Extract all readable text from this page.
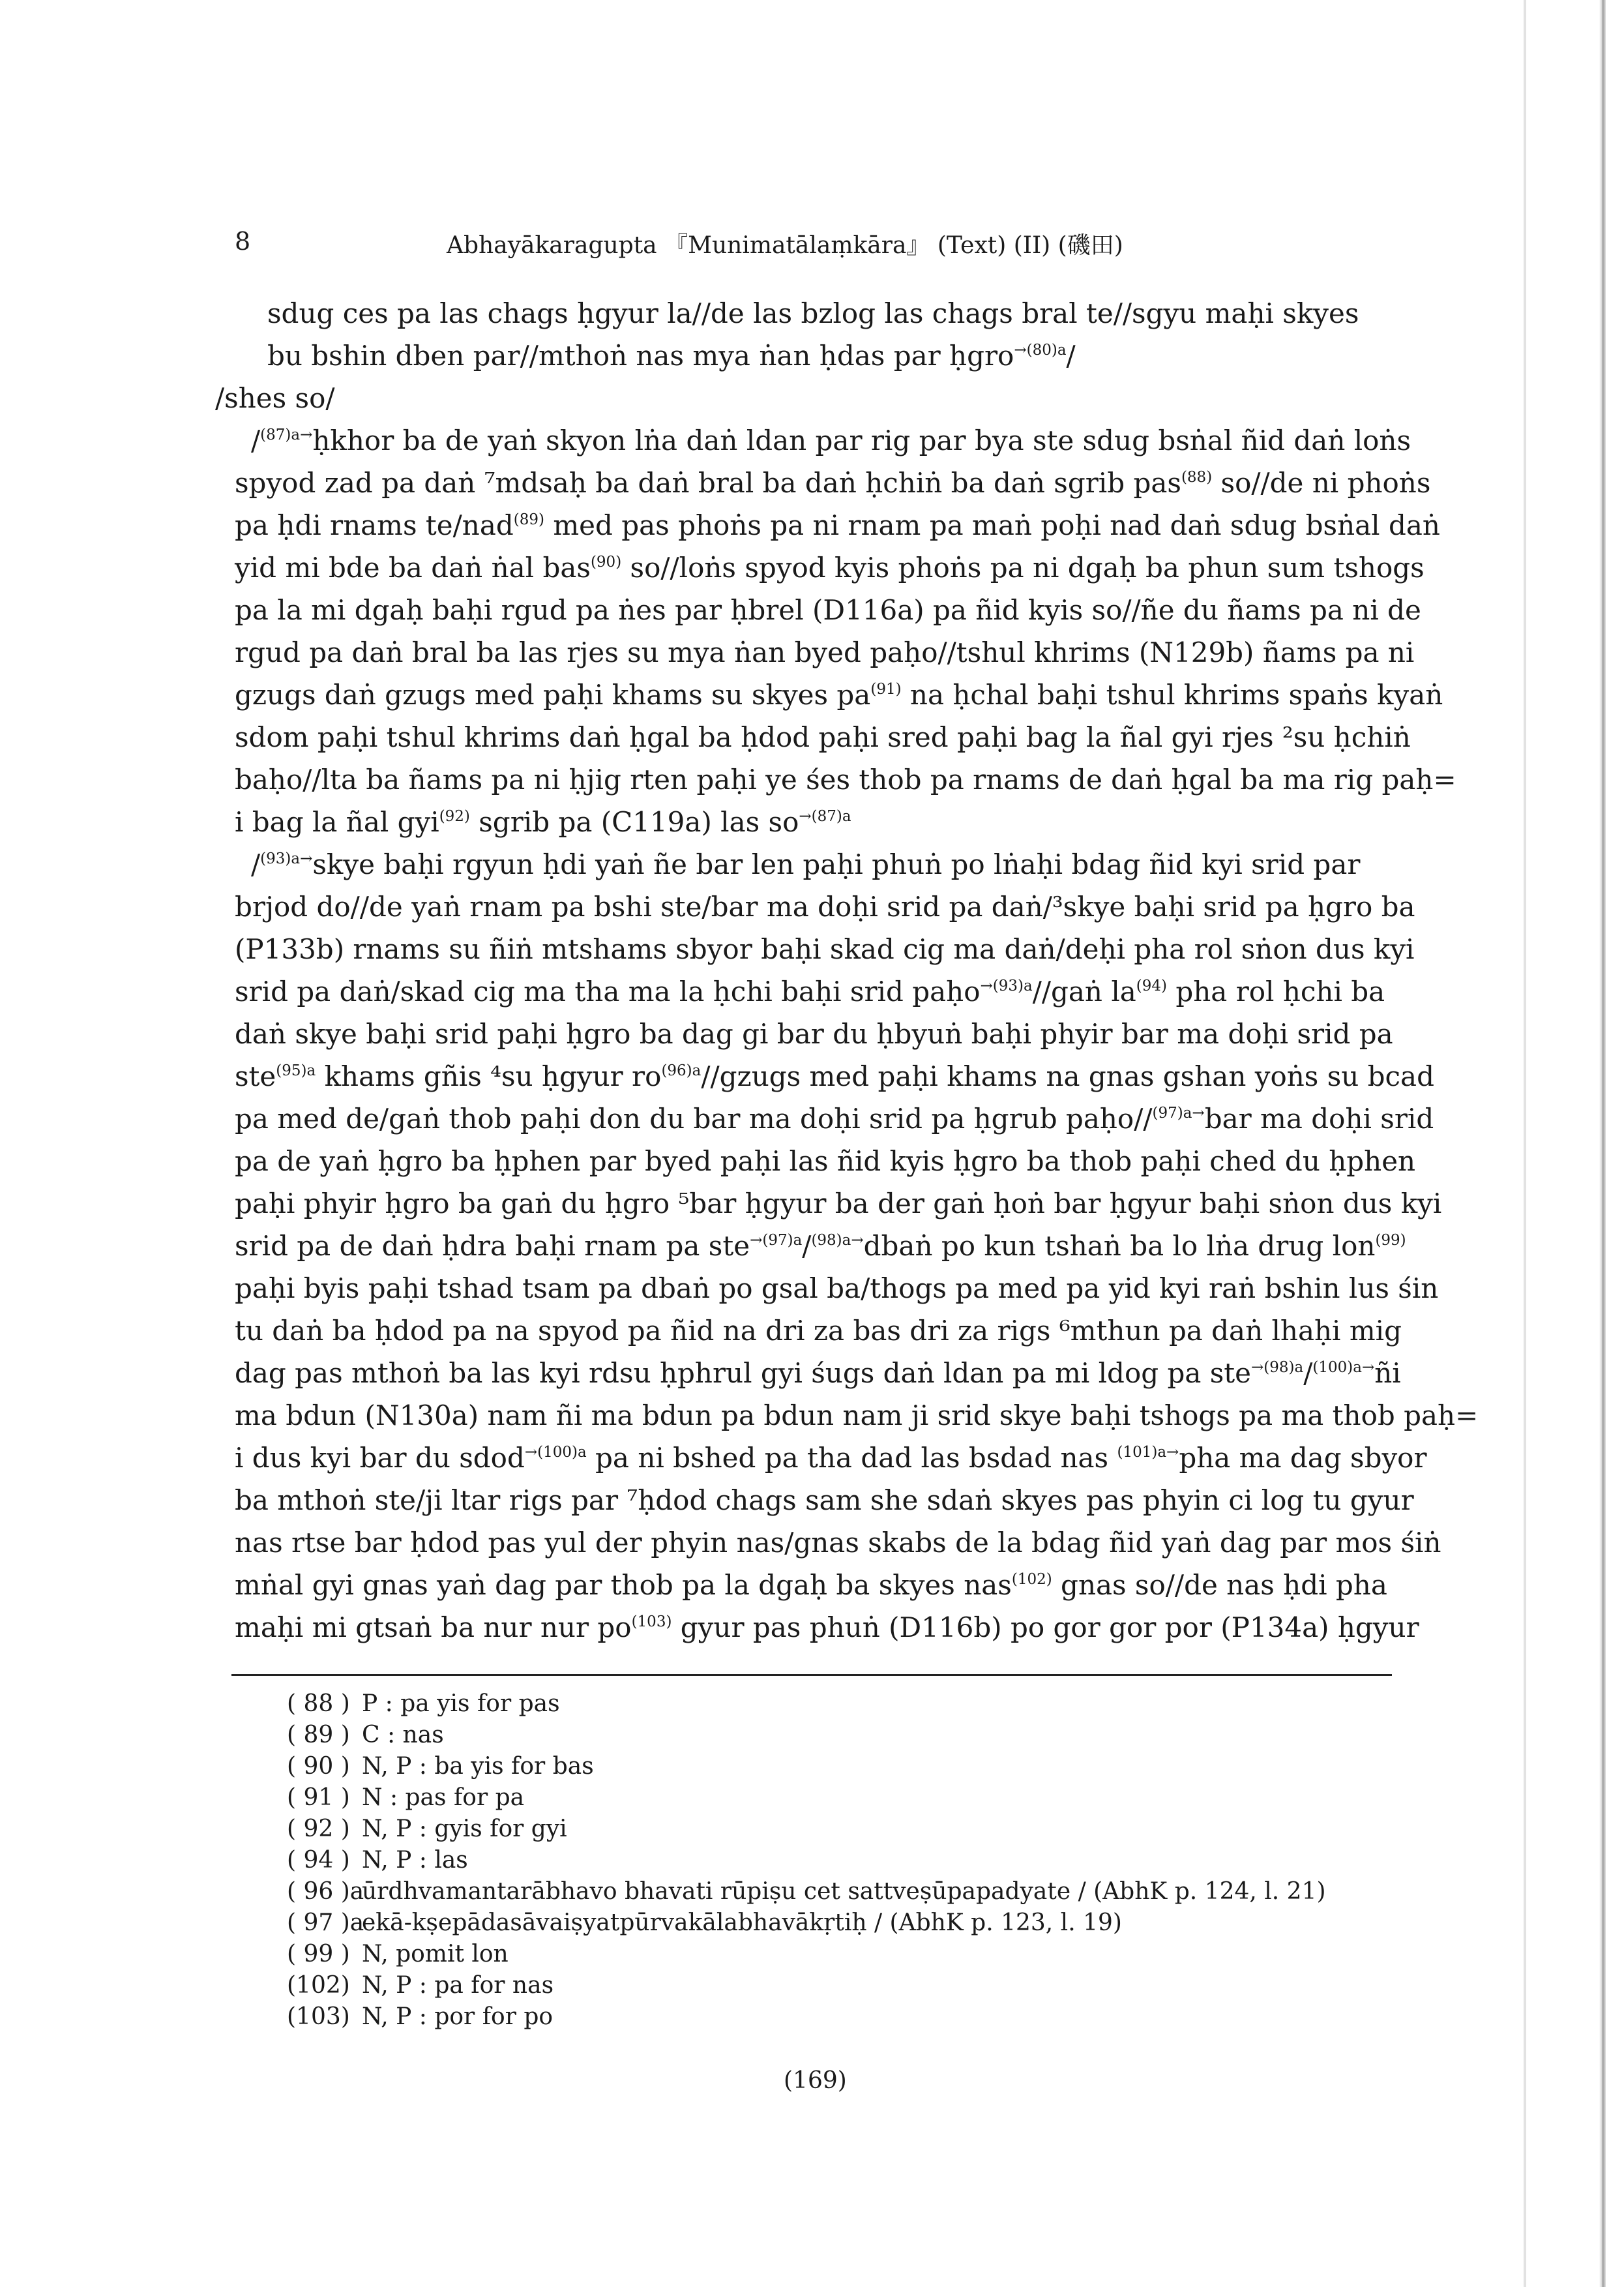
8	Abhayākaragupta 『Munimatālaṃkāra』 (Text) (II) (磯田)
sdug ces pa las chags ḥgyur la//de las bzlog las chags bral te//sgyu maḥi skyes
bu bshin dben par//mthoṅ nas mya ṅan ḥdas par ḥgro$^{\to(80)a}$/
/shes so/
/$^{(87)a\to}$ḥkhor ba de yaṅ skyon lṅa daṅ ldan par rig par bya ste sdug bsṅal ñid daṅ loṅs
spyod zad pa daṅ ⁷mdsaḥ ba daṅ bral ba daṅ ḥchiṅ ba daṅ sgrib pas$^{(88)}$ so//de ni phoṅs
pa ḥdi rnams te/nad$^{(89)}$ med pas phoṅs pa ni rnam pa maṅ poḥi nad daṅ sdug bsṅal daṅ
yid mi bde ba daṅ ṅal bas$^{(90)}$ so//loṅs spyod kyis phoṅs pa ni dgaḥ ba phun sum tshogs
pa la mi dgaḥ baḥi rgud pa ṅes par ḥbrel (D116a) pa ñid kyis so//ñe du ñams pa ni de
rgud pa daṅ bral ba las rjes su mya ṅan byed paḥo//tshul khrims (N129b) ñams pa ni
gzugs daṅ gzugs med paḥi khams su skyes $pa^{(91)}$ na ḥchal baḥi tshul khrims spaṅs kyaṅ
sdom paḥi tshul khrims daṅ ḥgal ba ḥdod paḥi sred paḥi bag la ñal gyi rjes ²su ḥchiṅ
baḥo//lta ba ñams pa ni ḥjig rten paḥi ye śes thob pa rnams de daṅ ḥgal ba ma rig paḥ=
i bag la ñal gyi$^{(92)}$ sgrib pa (C119a) las $so^{\to(87)a}$
/$^{(93)a\to}$skye baḥi rgyun ḥdi yaṅ ñe bar len paḥi phuṅ po lṅaḥi bdag ñid kyi srid par
brjod do//de yaṅ rnam pa bshi ste/bar ma doḥi srid pa daṅ/³skye baḥi srid pa ḥgro ba
(P133b) rnams su ñiṅ mtshams sbyor baḥi skad cig ma daṅ/deḥi pha rol sṅon dus kyi
srid pa daṅ/skad cig ma tha ma la ḥchi baḥi srid paḥo$^{\to(93)a}$//gaṅ $la^{(94)}$ pha rol ḥchi ba
daṅ skye baḥi srid paḥi ḥgro ba dag gi bar du ḥbyuṅ baḥi phyir bar ma doḥi srid pa
ste$^{(95)a}$ khams gñis ⁴su ḥgyur $ro^{(96)a}/$/gzugs med paḥi khams na gnas gshan yoṅs su bcad
pa med de/gaṅ thob paḥi don du bar ma doḥi srid pa ḥgrub paḥo//$^{(97)a\to}$bar ma doḥi srid
pa de yaṅ ḥgro ba ḥphen par byed paḥi las ñid kyis ḥgro ba thob paḥi ched du ḥphen
paḥi phyir ḥgro ba gaṅ du ḥgro ⁵bar ḥgyur ba der gaṅ ḥoṅ bar ḥgyur baḥi sṅon dus kyi
srid pa de daṅ ḥdra baḥi rnam pa ste$^{\to(97)a}$/$^{(98)a\to}$dbaṅ po kun tshaṅ ba lo lṅa drug lon$^{(99)}$
paḥi byis paḥi tshad tsam pa dbaṅ po gsal ba/thogs pa med pa yid kyi raṅ bshin lus śin
tu daṅ ba ḥdod pa na spyod pa ñid na dri za bas dri za rigs ⁶mthun pa daṅ lhaḥi mig
dag pas mthoṅ ba las kyi rdsu ḥphrul gyi śugs daṅ ldan pa mi ldog pa ste$^{\to(98)a}$/$^{(100)a\to}$ñi
ma bdun (N130a) nam ñi ma bdun pa bdun nam ji srid skye baḥi tshogs pa ma thob paḥ=
i dus kyi bar du sdod$^{\to(100)a}$ pa ni bshed pa tha dad las bsdad nas $^{(101)a\to}$pha ma dag sbyor
ba mthoṅ ste/ji ltar rigs par ⁷ḥdod chags sam she sdaṅ skyes pas phyin ci log tu gyur
nas rtse bar ḥdod pas yul der phyin nas/gnas skabs de la bdag ñid yaṅ dag par mos śiṅ
mṅal gyi gnas yaṅ dag par thob pa la dgaḥ ba skyes nas$^{(102)}$ gnas so//de nas ḥdi pha
maḥi mi gtsaṅ ba nur nur $po^{(103)}$ gyur pas phuṅ (D116b) po gor gor por (P134a) ḥgyur
( 88 ) P : pa yis for pas
( 89 ) C : nas
( 90 ) N, P : ba yis for bas
( 91 ) N : pas for pa
( 92 ) N, P : gyis for gyi
( 94 ) N, P : las
( 96 )aūrdhvamantarābhavo bhavati rūpiṣu cet sattveṣūpapadyate / (AbhK p. 124, l. 21)
( 97 )aekā-kṣepādasāvaiṣyatpūrvakālabhavākṛtiḥ / (AbhK p. 123, l. 19)
( 99 ) N, pomit lon
(102) N, P : pa for nas
(103) N, P : por for po
(169)
